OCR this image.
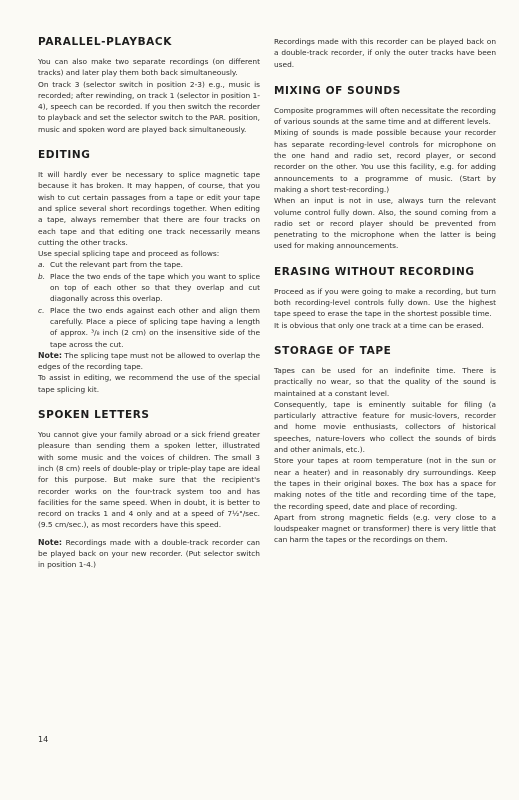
PARALLEL-PLAYBACK

You can also make two separate recordings (on different tracks) and later play them both back simultaneously.

On track 3 (selector switch in position 2-3) e.g., music is recorded; after rewinding, on track 1 (selector in position 1-4), speech can be recorded. If you then switch the recorder to playback and set the selector switch to the PAR. position, music and spoken word are played back simultaneously.

EDITING

It will hardly ever be necessary to splice magnetic tape because it has broken. It may happen, of course, that you wish to cut certain passages from a tape or edit your tape and splice several short recordings together. When editing a tape, always remember that there are four tracks on each tape and that editing one track necessarily means cutting the other tracks.

Use special splicing tape and proceed as follows:

a. Cut the relevant part from the tape.
b. Place the two ends of the tape which you want to splice on top of each other so that they overlap and cut diagonally across this overlap.
c. Place the two ends against each other and align them carefully. Place a piece of splicing tape having a length of approx. ³/₈ inch (2 cm) on the insensitive side of the tape across the cut.

Note: The splicing tape must not be allowed to overlap the edges of the recording tape.

To assist in editing, we recommend the use of the special tape splicing kit.

SPOKEN LETTERS

You cannot give your family abroad or a sick friend greater pleasure than sending them a spoken letter, illustrated with some music and the voices of children. The small 3 inch (8 cm) reels of double-play or triple-play tape are ideal for this purpose. But make sure that the recipient's recorder works on the four-track system too and has facilities for the same speed. When in doubt, it is better to record on tracks 1 and 4 only and at a speed of 7½"/sec. (9.5 cm/sec.), as most recorders have this speed.

Note: Recordings made with a double-track recorder can be played back on your new recorder. (Put selector switch in position 1-4.)

Recordings made with this recorder can be played back on a double-track recorder, if only the outer tracks have been used.

MIXING OF SOUNDS

Composite programmes will often necessitate the recording of various sounds at the same time and at different levels.

Mixing of sounds is made possible because your recorder has separate recording-level controls for microphone on the one hand and radio set, record player, or second recorder on the other. You use this facility, e.g. for adding announcements to a programme of music. (Start by making a short test-recording.)

When an input is not in use, always turn the relevant volume control fully down. Also, the sound coming from a radio set or record player should be prevented from penetrating to the microphone when the latter is being used for making announcements.

ERASING WITHOUT RECORDING

Proceed as if you were going to make a recording, but turn both recording-level controls fully down. Use the highest tape speed to erase the tape in the shortest possible time.

It is obvious that only one track at a time can be erased.

STORAGE OF TAPE

Tapes can be used for an indefinite time. There is practically no wear, so that the quality of the sound is maintained at a constant level.

Consequently, tape is eminently suitable for filing (a particularly attractive feature for music-lovers, recorder and home movie enthusiasts, collectors of historical speeches, nature-lovers who collect the sounds of birds and other animals, etc.).

Store your tapes at room temperature (not in the sun or near a heater) and in reasonably dry surroundings. Keep the tapes in their original boxes. The box has a space for making notes of the title and recording time of the tape, the recording speed, date and place of recording.

Apart from strong magnetic fields (e.g. very close to a loudspeaker magnet or transformer) there is very little that can harm the tapes or the recordings on them.

14
